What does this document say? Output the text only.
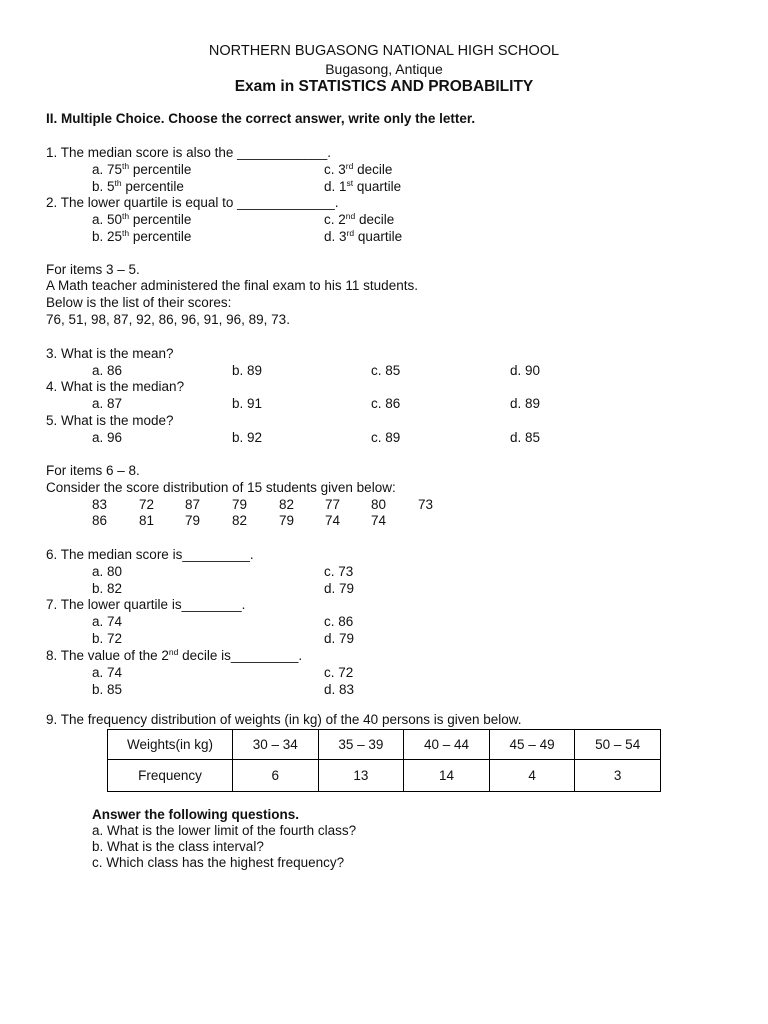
NORTHERN BUGASONG NATIONAL HIGH SCHOOL
Bugasong, Antique
Exam in STATISTICS AND PROBABILITY
II. Multiple Choice. Choose the correct answer, write only the letter.
1. The median score is also the ____________.
a. 75th percentile	c. 3rd decile
b. 5th percentile	d. 1st quartile
2. The lower quartile is equal to _____________.
a. 50th percentile	c. 2nd decile
b. 25th percentile	d. 3rd quartile
For items 3 – 5.
A Math teacher administered the final exam to his 11 students.
Below is the list of their scores:
76, 51, 98, 87, 92, 86, 96, 91, 96, 89, 73.
3. What is the mean?
a. 86	b. 89	c. 85	d. 90
4. What is the median?
a. 87	b. 91	c. 86	d. 89
5. What is the mode?
a. 96	b. 92	c. 89	d. 85
For items 6 – 8.
Consider the score distribution of 15 students given below:
83 72 87 79 82 77 80 73
86 81 79 82 79 74 74
6. The median score is_________.
a. 80	c. 73
b. 82	d. 79
7. The lower quartile is________.
a. 74	c. 86
b. 72	d. 79
8. The value of the 2nd decile is_________.
a. 74	c. 72
b. 85	d. 83
9. The frequency distribution of weights (in kg) of the 40 persons is given below.
Weights(in kg)	30 – 34	35 – 39	40 – 44	45 – 49	50 – 54
Frequency	6	13	14	4	3
Answer the following questions.
a. What is the lower limit of the fourth class?
b. What is the class interval?
c. Which class has the highest frequency?
